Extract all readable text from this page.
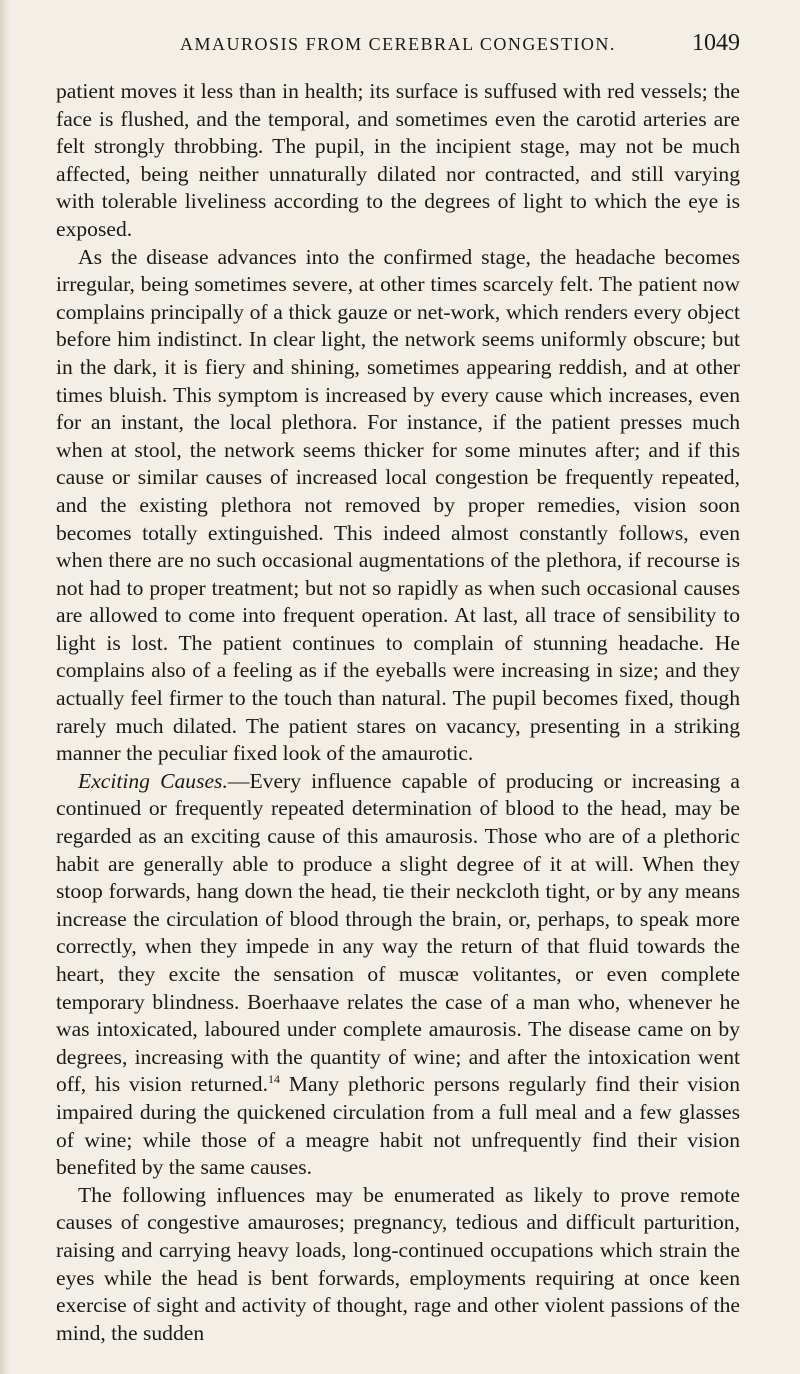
AMAUROSIS FROM CEREBRAL CONGESTION.	1049

patient moves it less than in health; its surface is suffused with red vessels; the face is flushed, and the temporal, and sometimes even the carotid arteries are felt strongly throbbing. The pupil, in the incipient stage, may not be much affected, being neither unnaturally dilated nor contracted, and still varying with tolerable liveliness according to the degrees of light to which the eye is exposed.

As the disease advances into the confirmed stage, the headache becomes irregular, being sometimes severe, at other times scarcely felt. The patient now complains principally of a thick gauze or net-work, which renders every object before him indistinct. In clear light, the network seems uniformly obscure; but in the dark, it is fiery and shining, sometimes appearing reddish, and at other times bluish. This symptom is increased by every cause which increases, even for an instant, the local plethora. For instance, if the patient presses much when at stool, the network seems thicker for some minutes after; and if this cause or similar causes of increased local congestion be frequently repeated, and the existing plethora not removed by proper remedies, vision soon becomes totally extinguished. This indeed almost constantly follows, even when there are no such occasional augmentations of the plethora, if recourse is not had to proper treatment; but not so rapidly as when such occasional causes are allowed to come into frequent operation. At last, all trace of sensibility to light is lost. The patient continues to complain of stunning headache. He complains also of a feeling as if the eyeballs were increasing in size; and they actually feel firmer to the touch than natural. The pupil becomes fixed, though rarely much dilated. The patient stares on vacancy, presenting in a striking manner the peculiar fixed look of the amaurotic.

Exciting Causes.—Every influence capable of producing or increasing a continued or frequently repeated determination of blood to the head, may be regarded as an exciting cause of this amaurosis. Those who are of a plethoric habit are generally able to produce a slight degree of it at will. When they stoop forwards, hang down the head, tie their neckcloth tight, or by any means increase the circulation of blood through the brain, or, perhaps, to speak more correctly, when they impede in any way the return of that fluid towards the heart, they excite the sensation of muscæ volitantes, or even complete temporary blindness. Boerhaave relates the case of a man who, whenever he was intoxicated, laboured under complete amaurosis. The disease came on by degrees, increasing with the quantity of wine; and after the intoxication went off, his vision returned.$^{14}$ Many plethoric persons regularly find their vision impaired during the quickened circulation from a full meal and a few glasses of wine; while those of a meagre habit not unfrequently find their vision benefited by the same causes.

The following influences may be enumerated as likely to prove remote causes of congestive amauroses; pregnancy, tedious and difficult parturition, raising and carrying heavy loads, long-continued occupations which strain the eyes while the head is bent forwards, employments requiring at once keen exercise of sight and activity of thought, rage and other violent passions of the mind, the sudden
